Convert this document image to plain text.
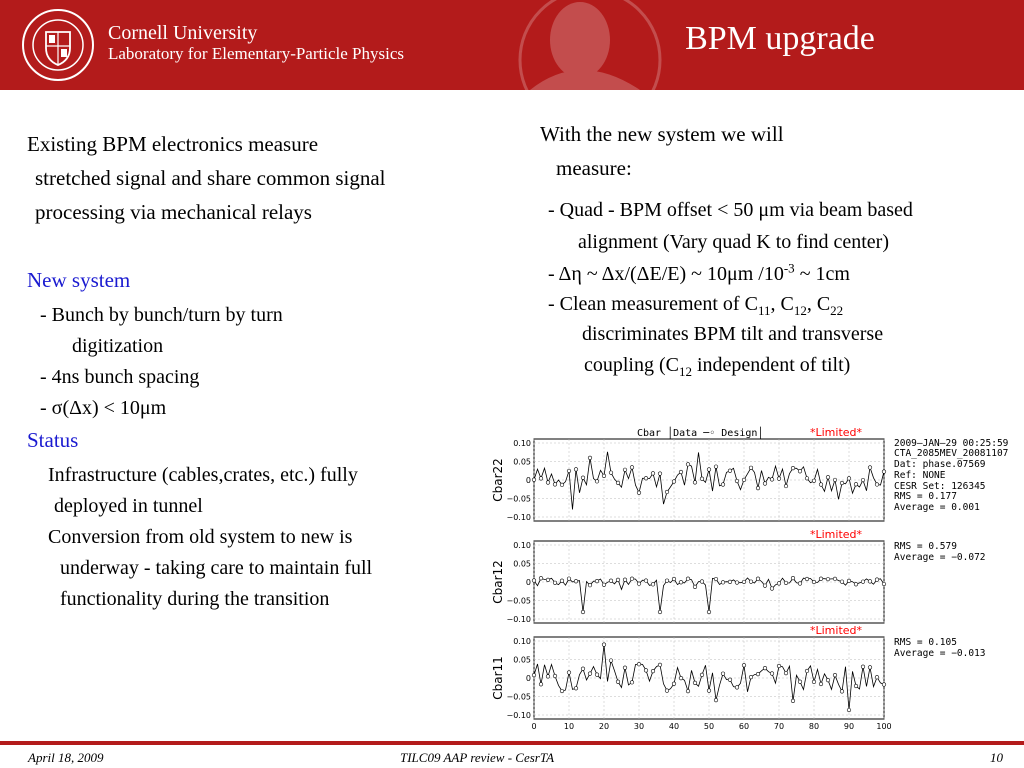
Cornell University
Laboratory for Elementary-Particle Physics	BPM upgrade
Existing BPM electronics measure
stretched signal and share common signal
processing via mechanical relays
New system
- Bunch by bunch/turn by turn
digitization
- 4ns bunch spacing
- σ(Δx) < 10μm
Status
Infrastructure (cables,crates, etc.) fully
deployed in tunnel
Conversion from old system to new is
underway - taking care to maintain full
functionality during the transition
With the new system we will
measure:
- Quad - BPM offset < 50 μm via beam based
alignment (Vary quad K to find center)
- Δη ~ Δx/(ΔE/E) ~ 10μm $/10^{-3}$ ~ 1cm
- Clean measurement of $C_{11}$, $C_{12}$, $C_{22}$
discriminates BPM tilt and transverse
coupling ($C_{12}$ independent of tilt)
0.10
0.05
0
−0.05
−0.10
Cbar22
*Limited*
RMS = 0.177
Average = 0.001
0.10
0.05
0
−0.05
−0.10
Cbar12
*Limited*
RMS = 0.579
Average = −0.072
0.10
0.05
0
−0.05
−0.10
Cbar11
*Limited*
RMS = 0.105
Average = −0.013
0	10	20	30	40	50	60	70	80	90	100
Cbar │Data ─◦ Design│
2009–JAN–29 00:25:59
CTA_2085MEV_20081107
Dat: phase.07569
Ref: NONE
CESR Set: 126345
April 18, 2009	TILC09 AAP review - CesrTA	10
